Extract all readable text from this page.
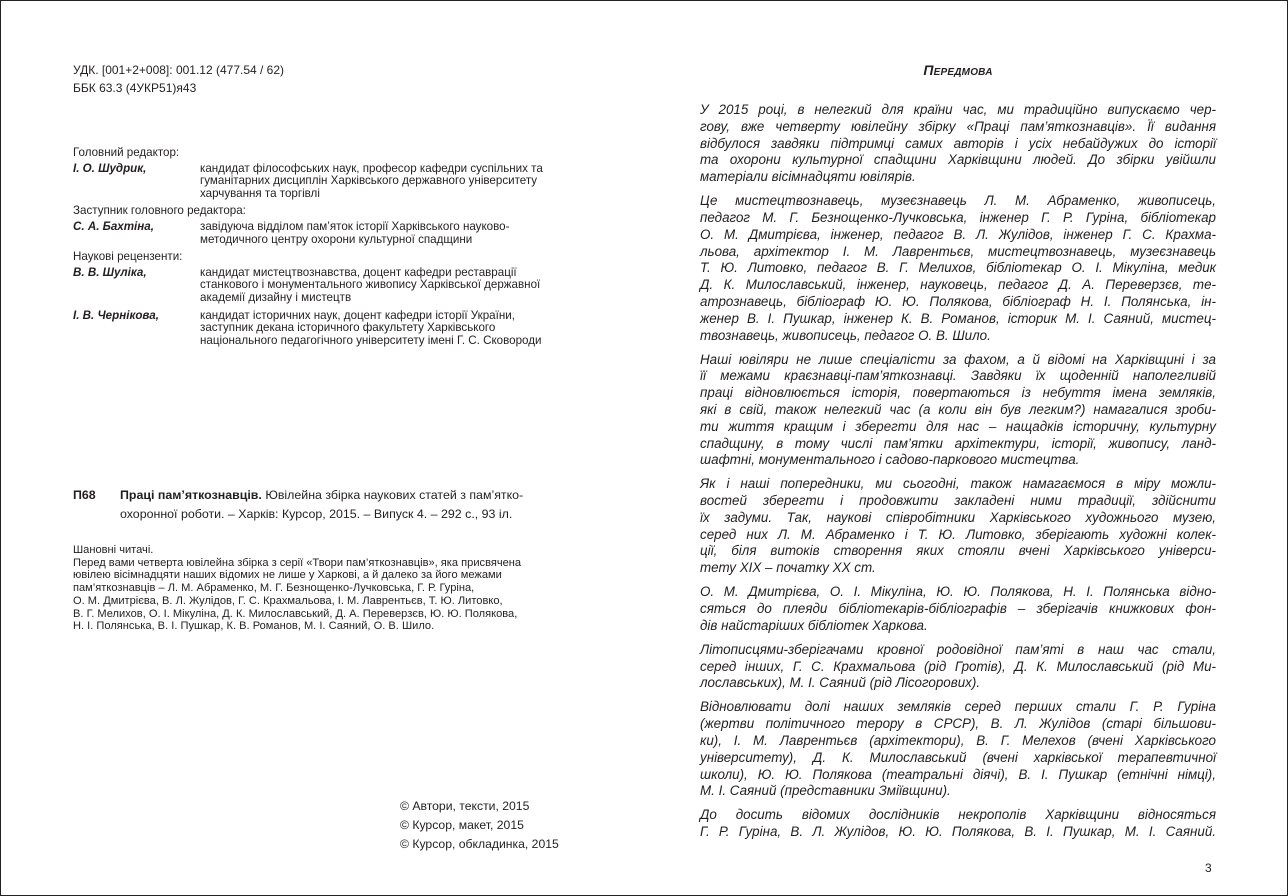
УДК. [001+2+008]: 001.12 (477.54 / 62)
ББК 63.3 (4УКР51)я43
Головний редактор:
І. О. Шудрик,	кандидат філософських наук, професор кафедри суспільних та
гуманітарних дисциплін Харківського державного університету
харчування та торгівлі
Заступник головного редактора:
С. А. Бахтіна,	завідуюча відділом пам’яток історії Харківського науково-
методичного центру охорони культурної спадщини
Наукові рецензенти:
В. В. Шуліка,	кандидат мистецтвознавства, доцент кафедри реставрації
станкового і монументального живопису Харківської державної
академії дизайну і мистецтв
І. В. Чернікова,	кандидат історичних наук, доцент кафедри історії України,
заступник декана історичного факультету Харківського
національного педагогічного університету імені Г. С. Сковороди
П68	Праці пам’яткознавців. Ювілейна збірка наукових статей з пам’ятко-
охоронної роботи. – Харків: Курсор, 2015. – Випуск 4. – 292 с., 93 іл.
Шановні читачі.
Перед вами четверта ювілейна збірка з серії «Твори пам’яткознавців», яка присвячена
ювілею вісімнадцяти наших відомих не лише у Харкові, а й далеко за його межами
пам’яткознавців – Л. М. Абраменко, М. Г. Безнощенко-Лучковська, Г. Р. Гуріна,
О. М. Дмитрієва, В. Л. Жулідов, Г. С. Крахмальова, І. М. Лаврентьєв, Т. Ю. Литовко,
В. Г. Мелихов, О. І. Мікуліна, Д. К. Милославський, Д. А. Переверзєв, Ю. Ю. Полякова,
Н. І. Полянська, В. І. Пушкар, К. В. Романов, М. І. Саяний, О. В. Шило.
© Автори, тексти, 2015
© Курсор, макет, 2015
© Курсор, обкладинка, 2015
Передмова
У 2015 році, в нелегкий для країни час, ми традиційно випускаємо чер-
гову, вже четверту ювілейну збірку «Праці пам’яткознавців». Її видання
відбулося завдяки підтримці самих авторів і усіх небайдужих до історії
та охорони культурної спадщини Харківщини людей. До збірки увійшли
матеріали вісімнадцяти ювілярів.
Це мистецтвознавець, музеєзнавець Л. М. Абраменко, живописець,
педагог М. Г. Безнощенко-Лучковська, інженер Г. Р. Гуріна, бібліотекар
О. М. Дмитрієва, інженер, педагог В. Л. Жулідов, інженер Г. С. Крахма-
льова, архітектор І. М. Лаврентьєв, мистецтвознавець, музеєзнавець
Т. Ю. Литовко, педагог В. Г. Мелихов, бібліотекар О. І. Мікуліна, медик
Д. К. Милославський, інженер, науковець, педагог Д. А. Переверзєв, те-
атрознавець, бібліограф Ю. Ю. Полякова, бібліограф Н. І. Полянська, ін-
женер В. І. Пушкар, інженер К. В. Романов, історик М. І. Саяний, мистец-
твознавець, живописець, педагог О. В. Шило.
Наші ювіляри не лише спеціалісти за фахом, а й відомі на Харківщині і за
її межами краєзнавці-пам’яткознавці. Завдяки їх щоденній наполегливій
праці відновлюється історія, повертаються із небуття імена земляків,
які в свій, також нелегкий час (а коли він був легким?) намагалися зроби-
ти життя кращим і зберегти для нас – нащадків історичну, культурну
спадщину, в тому числі пам’ятки архітектури, історії, живопису, ланд-
шафтні, монументального і садово-паркового мистецтва.
Як і наші попередники, ми сьогодні, також намагаємося в міру можли-
востей зберегти і продовжити закладені ними традиції, здійснити
їх задуми. Так, наукові співробітники Харківського художнього музею,
серед них Л. М. Абраменко і Т. Ю. Литовко, зберігають художні колек-
ції, біля витоків створення яких стояли вчені Харківського універси-
тету XIX – початку XX ст.
О. М. Дмитрієва, О. І. Мікуліна, Ю. Ю. Полякова, Н. І. Полянська відно-
сяться до плеяди бібліотекарів-бібліографів – зберігачів книжкових фон-
дів найстаріших бібліотек Харкова.
Літописцями-зберігачами кровної родовідної пам’яті в наш час стали,
серед інших, Г. С. Крахмальова (рід Гротів), Д. К. Милославський (рід Ми-
лославських), М. І. Саяний (рід Лісогорових).
Відновлювати долі наших земляків серед перших стали Г. Р. Гуріна
(жертви політичного терору в СРСР), В. Л. Жулідов (старі більшови-
ки), І. М. Лаврентьєв (архітектори), В. Г. Мелехов (вчені Харківського
університету), Д. К. Милославський (вчені харківської терапевтичної
школи), Ю. Ю. Полякова (театральні діячі), В. І. Пушкар (етнічні німці),
М. І. Саяний (представники Зміївщини).
До досить відомих дослідників некрополів Харківщини відносяться
Г. Р. Гуріна, В. Л. Жулідов, Ю. Ю. Полякова, В. І. Пушкар, М. І. Саяний.
3
